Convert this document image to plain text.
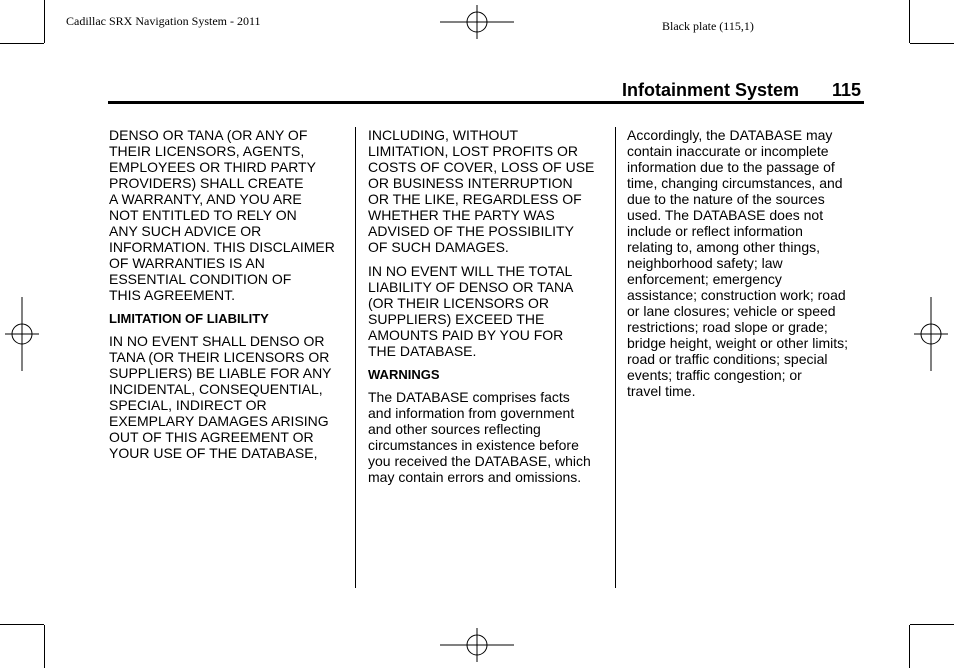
Cadillac SRX Navigation System - 2011	Black plate (115,1)
Infotainment System 115

DENSO OR TANA (OR ANY OF
THEIR LICENSORS, AGENTS,
EMPLOYEES OR THIRD PARTY
PROVIDERS) SHALL CREATE
A WARRANTY, AND YOU ARE
NOT ENTITLED TO RELY ON
ANY SUCH ADVICE OR
INFORMATION. THIS DISCLAIMER
OF WARRANTIES IS AN
ESSENTIAL CONDITION OF
THIS AGREEMENT.

LIMITATION OF LIABILITY

IN NO EVENT SHALL DENSO OR
TANA (OR THEIR LICENSORS OR
SUPPLIERS) BE LIABLE FOR ANY
INCIDENTAL, CONSEQUENTIAL,
SPECIAL, INDIRECT OR
EXEMPLARY DAMAGES ARISING
OUT OF THIS AGREEMENT OR
YOUR USE OF THE DATABASE,

INCLUDING, WITHOUT
LIMITATION, LOST PROFITS OR
COSTS OF COVER, LOSS OF USE
OR BUSINESS INTERRUPTION
OR THE LIKE, REGARDLESS OF
WHETHER THE PARTY WAS
ADVISED OF THE POSSIBILITY
OF SUCH DAMAGES.

IN NO EVENT WILL THE TOTAL
LIABILITY OF DENSO OR TANA
(OR THEIR LICENSORS OR
SUPPLIERS) EXCEED THE
AMOUNTS PAID BY YOU FOR
THE DATABASE.

WARNINGS

The DATABASE comprises facts
and information from government
and other sources reflecting
circumstances in existence before
you received the DATABASE, which
may contain errors and omissions.

Accordingly, the DATABASE may
contain inaccurate or incomplete
information due to the passage of
time, changing circumstances, and
due to the nature of the sources
used. The DATABASE does not
include or reflect information
relating to, among other things,
neighborhood safety; law
enforcement; emergency
assistance; construction work; road
or lane closures; vehicle or speed
restrictions; road slope or grade;
bridge height, weight or other limits;
road or traffic conditions; special
events; traffic congestion; or
travel time.
